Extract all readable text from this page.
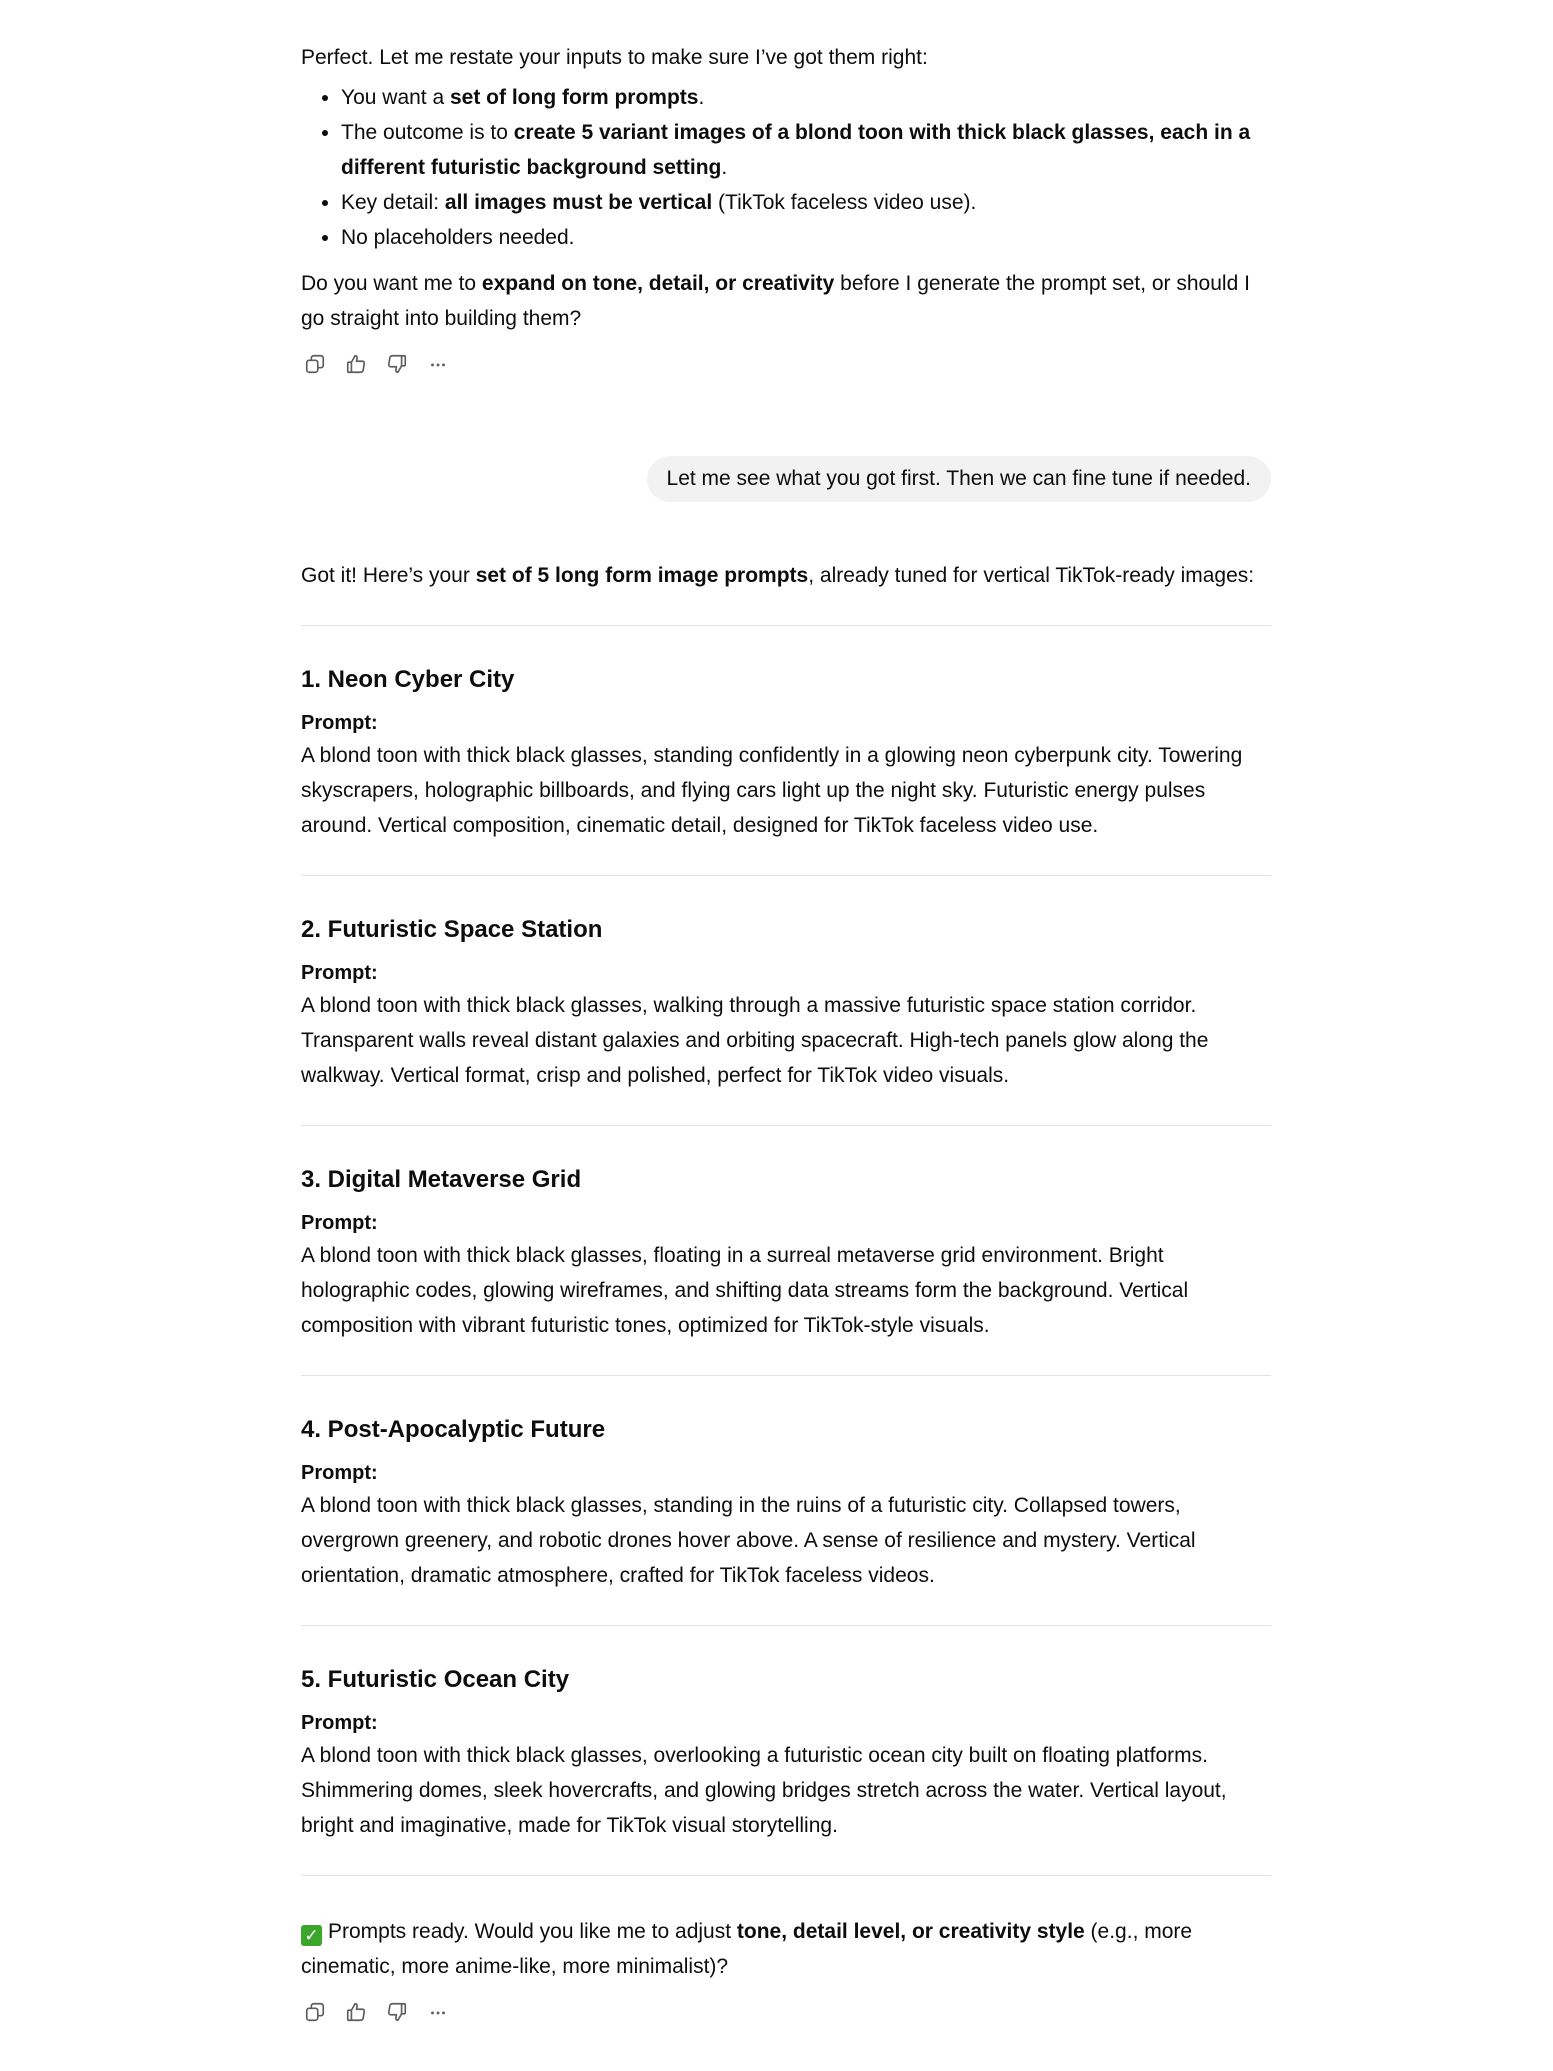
Perfect. Let me restate your inputs to make sure I’ve got them right:

• You want a set of long form prompts.
• The outcome is to create 5 variant images of a blond toon with thick black glasses, each in a different futuristic background setting.
• Key detail: all images must be vertical (TikTok faceless video use).
• No placeholders needed.

Do you want me to expand on tone, detail, or creativity before I generate the prompt set, or should I go straight into building them?

Let me see what you got first. Then we can fine tune if needed.

Got it! Here’s your set of 5 long form image prompts, already tuned for vertical TikTok-ready images:

1. Neon Cyber City

Prompt:

A blond toon with thick black glasses, standing confidently in a glowing neon cyberpunk city. Towering skyscrapers, holographic billboards, and flying cars light up the night sky. Futuristic energy pulses around. Vertical composition, cinematic detail, designed for TikTok faceless video use.

2. Futuristic Space Station

Prompt:

A blond toon with thick black glasses, walking through a massive futuristic space station corridor. Transparent walls reveal distant galaxies and orbiting spacecraft. High-tech panels glow along the walkway. Vertical format, crisp and polished, perfect for TikTok video visuals.

3. Digital Metaverse Grid

Prompt:

A blond toon with thick black glasses, floating in a surreal metaverse grid environment. Bright holographic codes, glowing wireframes, and shifting data streams form the background. Vertical composition with vibrant futuristic tones, optimized for TikTok-style visuals.

4. Post-Apocalyptic Future

Prompt:

A blond toon with thick black glasses, standing in the ruins of a futuristic city. Collapsed towers, overgrown greenery, and robotic drones hover above. A sense of resilience and mystery. Vertical orientation, dramatic atmosphere, crafted for TikTok faceless videos.

5. Futuristic Ocean City

Prompt:

A blond toon with thick black glasses, overlooking a futuristic ocean city built on floating platforms. Shimmering domes, sleek hovercrafts, and glowing bridges stretch across the water. Vertical layout, bright and imaginative, made for TikTok visual storytelling.

✓ Prompts ready. Would you like me to adjust tone, detail level, or creativity style (e.g., more cinematic, more anime-like, more minimalist)?
